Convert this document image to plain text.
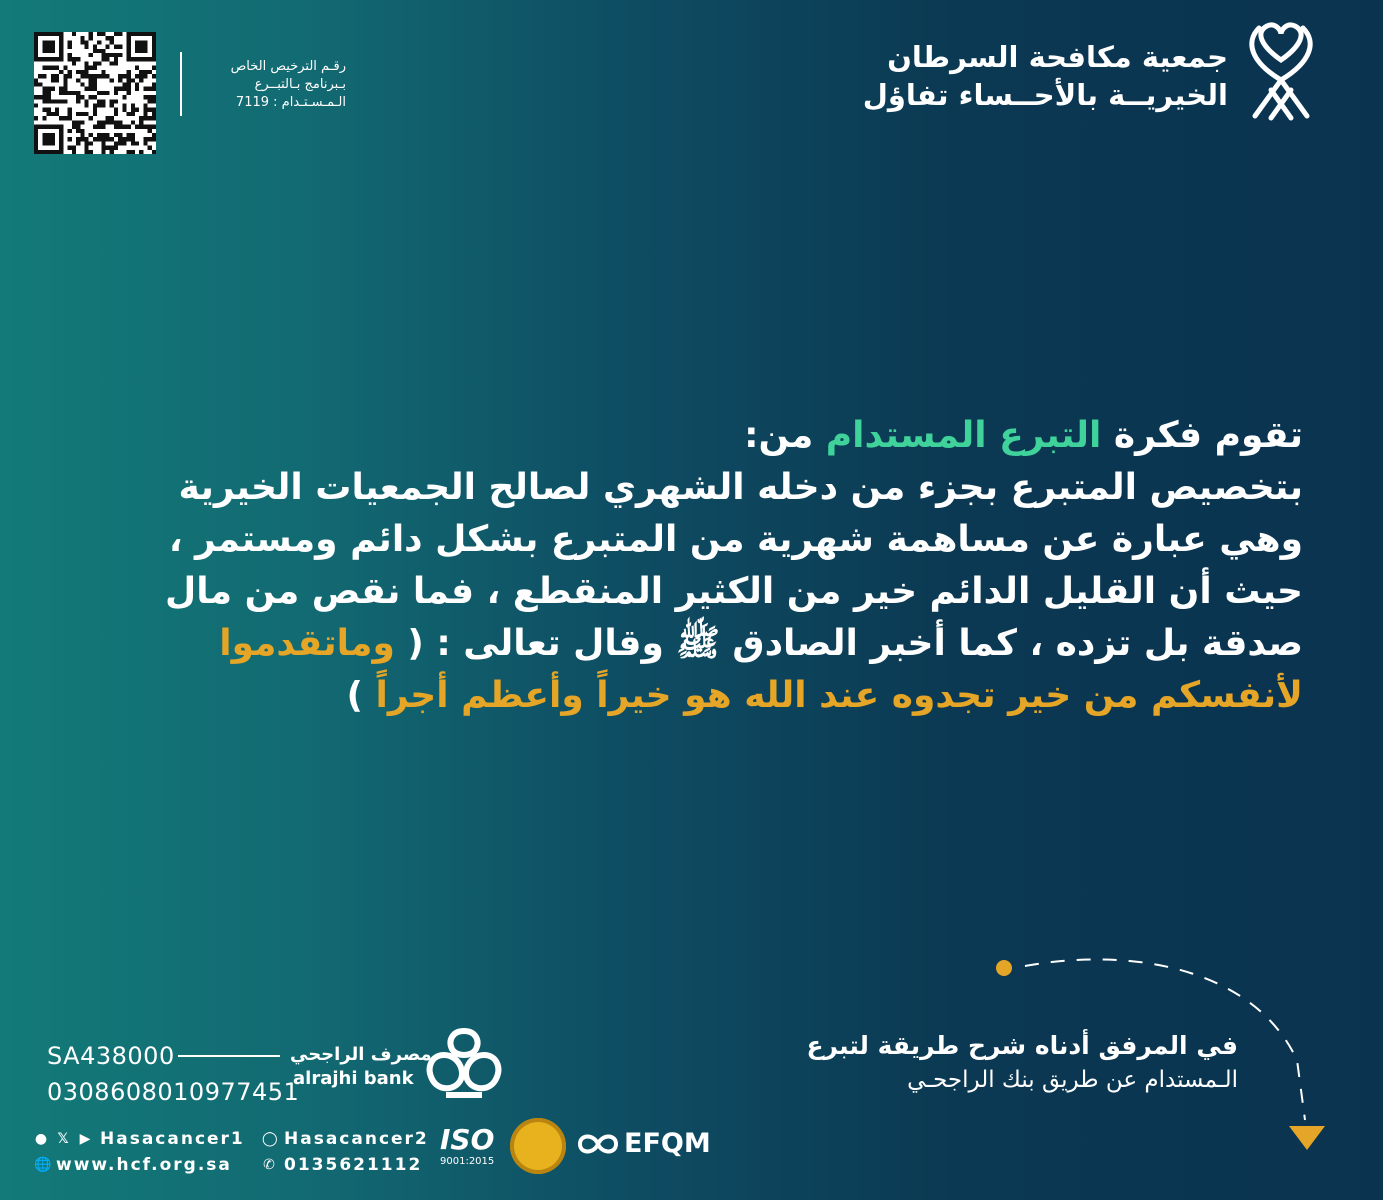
جمعية مكافحة السرطان
الخيريــة بالأحــساء تفاؤل
رقـم الترخيص الخاص
بـبرنامج بـالتبــرع
الـمـسـتـدام : 7119
تقوم فكرة التبرع المستدام من:
بتخصيص المتبرع بجزء من دخله الشهري لصالح الجمعيات الخيرية
وهي عبارة عن مساهمة شهرية من المتبرع بشكل دائم ومستمر ،
حيث أن القليل الدائم خير من الكثير المنقطع ، فما نقص من مال
صدقة بل تزده ، كما أخبر الصادق ﷺ وقال تعالى : ( وماتقدموا لأنفسكم من خير تجدوه عند الله هو خيراً وأعظم أجراً )
في المرفق أدناه شرح طريقة لتبرع
الـمستدام عن طريق بنك الراجحـي
مصرف الراجحي
alrajhi bank
SA438000
0308608010977451
● 𝕏 ▶ Hasacancer1 ◯ Hasacancer2
🌐 www.hcf.org.sa ✆ 0135621112
ISO
9001:2015
EFQM
